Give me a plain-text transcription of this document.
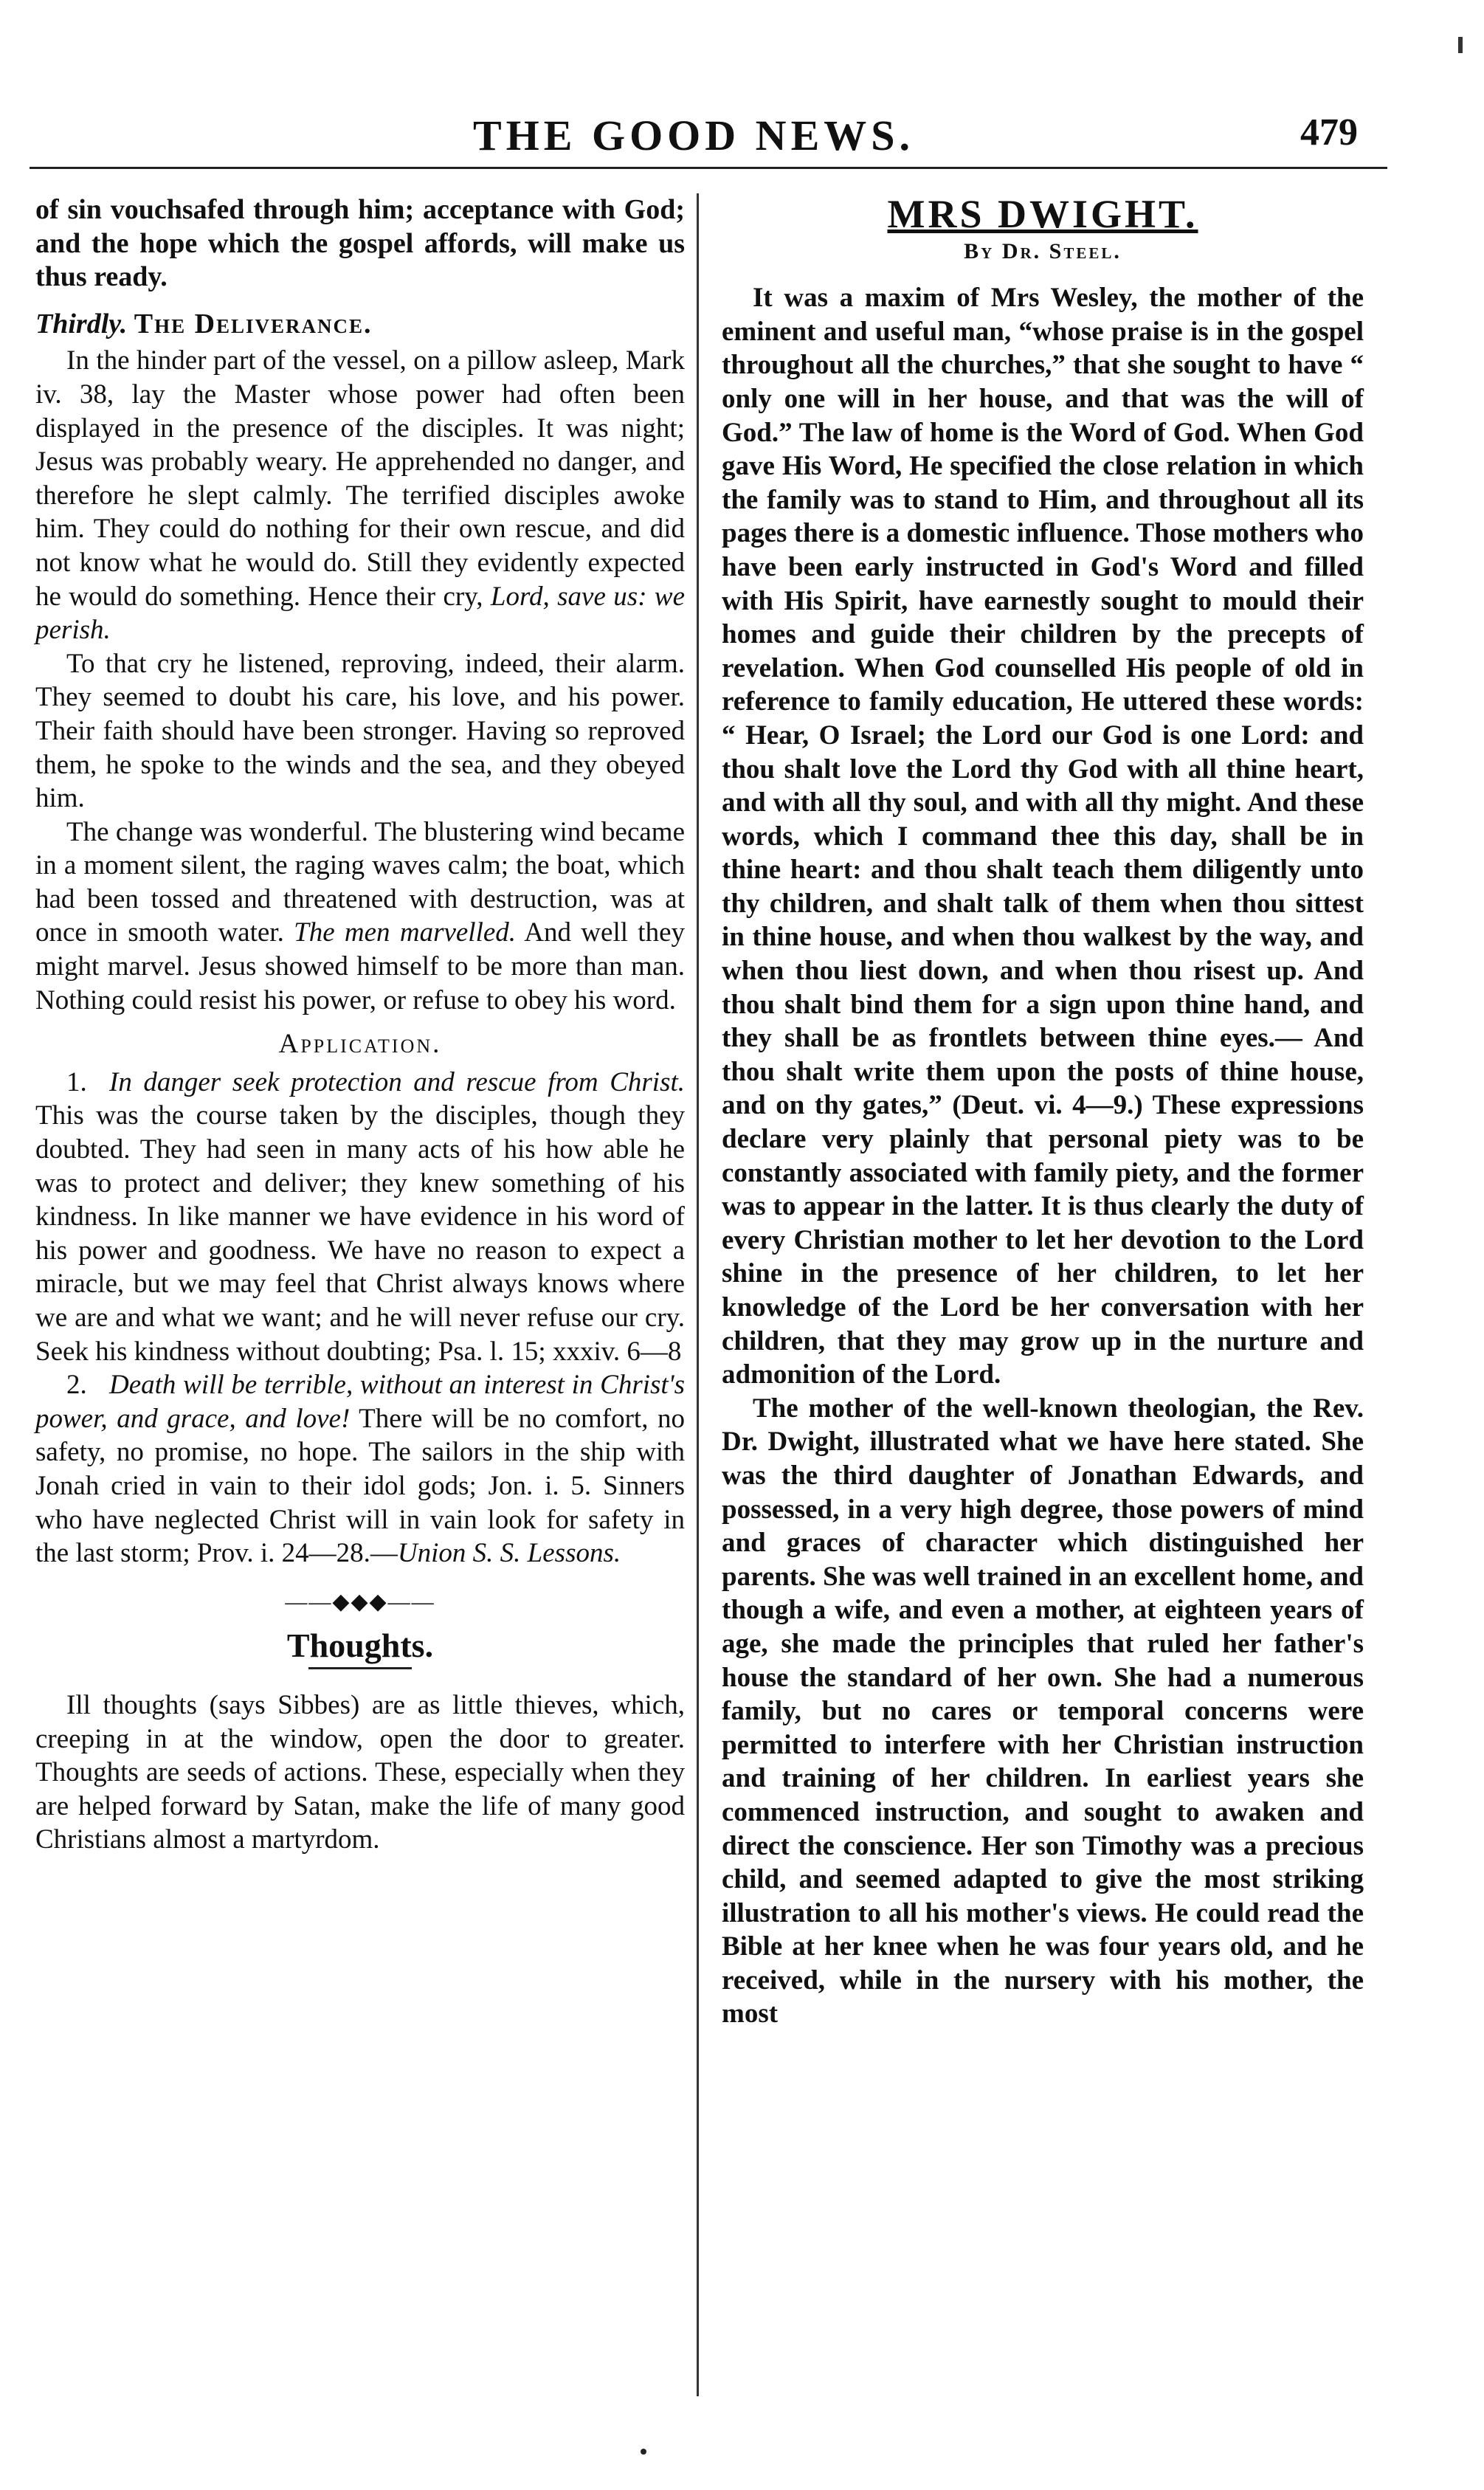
THE GOOD NEWS.	479

of sin vouchsafed through him; acceptance with God; and the hope which the gospel affords, will make us thus ready.

Thirdly. The Deliverance.

In the hinder part of the vessel, on a pillow asleep, Mark iv. 38, lay the Master whose power had often been displayed in the presence of the disciples. It was night; Jesus was probably weary. He apprehended no danger, and therefore he slept calmly. The terrified disciples awoke him. They could do nothing for their own rescue, and did not know what he would do. Still they evidently expected he would do something. Hence their cry, Lord, save us: we perish.

To that cry he listened, reproving, indeed, their alarm. They seemed to doubt his care, his love, and his power. Their faith should have been stronger. Having so reproved them, he spoke to the winds and the sea, and they obeyed him.

The change was wonderful. The blustering wind became in a moment silent, the raging waves calm; the boat, which had been tossed and threatened with destruction, was at once in smooth water. The men marvelled. And well they might marvel. Jesus showed himself to be more than man. Nothing could resist his power, or refuse to obey his word.

Application.

1. In danger seek protection and rescue from Christ. This was the course taken by the disciples, though they doubted. They had seen in many acts of his how able he was to protect and deliver; they knew something of his kindness. In like manner we have evidence in his word of his power and goodness. We have no reason to expect a miracle, but we may feel that Christ always knows where we are and what we want; and he will never refuse our cry. Seek his kindness without doubting; Psa. l. 15; xxxiv. 6—8

2. Death will be terrible, without an interest in Christ's power, and grace, and love! There will be no comfort, no safety, no promise, no hope. The sailors in the ship with Jonah cried in vain to their idol gods; Jon. i. 5. Sinners who have neglected Christ will in vain look for safety in the last storm; Prov. i. 24—28.—Union S. S. Lessons.

——◆◆◆——
Thoughts.

Ill thoughts (says Sibbes) are as little thieves, which, creeping in at the window, open the door to greater. Thoughts are seeds of actions. These, especially when they are helped forward by Satan, make the life of many good Christians almost a martyrdom.

MRS DWIGHT.
By Dr. Steel.

It was a maxim of Mrs Wesley, the mother of the eminent and useful man, “whose praise is in the gospel throughout all the churches,” that she sought to have “ only one will in her house, and that was the will of God.” The law of home is the Word of God. When God gave His Word, He specified the close relation in which the family was to stand to Him, and throughout all its pages there is a domestic influence. Those mothers who have been early instructed in God's Word and filled with His Spirit, have earnestly sought to mould their homes and guide their children by the precepts of revelation. When God counselled His people of old in reference to family education, He uttered these words: “ Hear, O Israel; the Lord our God is one Lord: and thou shalt love the Lord thy God with all thine heart, and with all thy soul, and with all thy might. And these words, which I command thee this day, shall be in thine heart: and thou shalt teach them diligently unto thy children, and shalt talk of them when thou sittest in thine house, and when thou walkest by the way, and when thou liest down, and when thou risest up. And thou shalt bind them for a sign upon thine hand, and they shall be as frontlets between thine eyes.— And thou shalt write them upon the posts of thine house, and on thy gates,” (Deut. vi. 4—9.) These expressions declare very plainly that personal piety was to be constantly associated with family piety, and the former was to appear in the latter. It is thus clearly the duty of every Christian mother to let her devotion to the Lord shine in the presence of her children, to let her knowledge of the Lord be her conversation with her children, that they may grow up in the nurture and admonition of the Lord.

The mother of the well-known theologian, the Rev. Dr. Dwight, illustrated what we have here stated. She was the third daughter of Jonathan Edwards, and possessed, in a very high degree, those powers of mind and graces of character which distinguished her parents. She was well trained in an excellent home, and though a wife, and even a mother, at eighteen years of age, she made the principles that ruled her father's house the standard of her own. She had a numerous family, but no cares or temporal concerns were permitted to interfere with her Christian instruction and training of her children. In earliest years she commenced instruction, and sought to awaken and direct the conscience. Her son Timothy was a precious child, and seemed adapted to give the most striking illustration to all his mother's views. He could read the Bible at her knee when he was four years old, and he received, while in the nursery with his mother, the most
